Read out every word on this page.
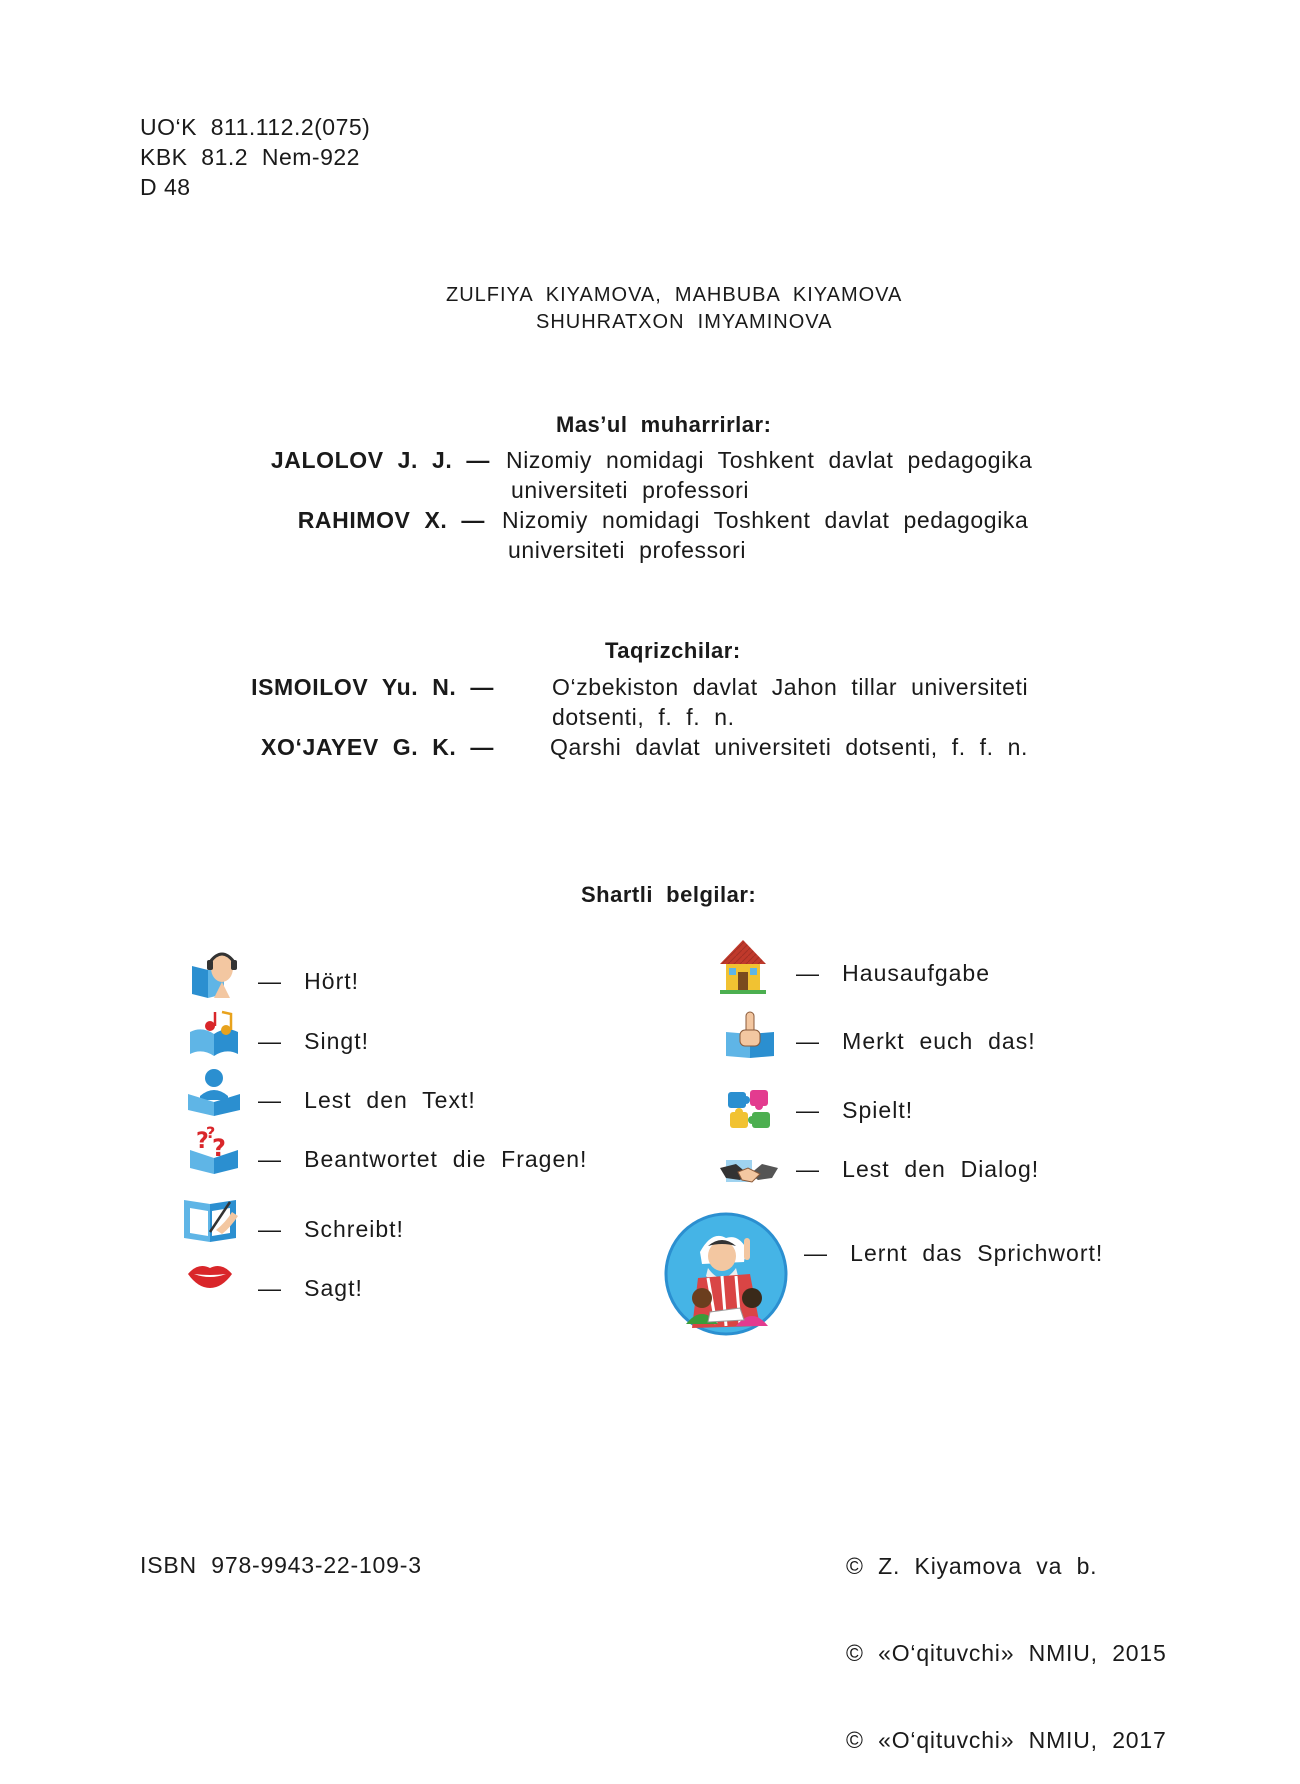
UO‘K  811.112.2(075)
KBK  81.2  Nem-922
D 48
ZULFIYA  KIYAMOVA,  MAHBUBA  KIYAMOVA
SHUHRATXON  IMYAMINOVA
Mas’ul  muharrirlar:
JALOLOV  J.  J.  — Nizomiy  nomidagi  Toshkent  davlat  pedagogika
universiteti  professori
RAHIMOV  X.  — Nizomiy  nomidagi  Toshkent  davlat  pedagogika
universiteti  professori
Taqrizchilar:
ISMOILOV  Yu.  N.  —	O‘zbekiston  davlat  Jahon  tillar  universiteti
dotsenti,  f.  f.  n.
XO‘JAYEV  G.  K.  — Qarshi  davlat  universiteti  dotsenti,  f.  f.  n.
Shartli  belgilar:
—   Hört!
—   Singt!
—   Lest  den  Text!
? ?
?
—   Beantwortet  die  Fragen!
—   Schreibt!
—   Sagt!
—   Hausaufgabe
—   Merkt  euch  das!
—   Spielt!
—   Lest  den  Dialog!
—   Lernt  das  Sprichwort!
ISBN  978-9943-22-109-3

	©  Z.  Kiyamova  va  b.

©  «O‘qituvchi»  NMIU,  2015

©  «O‘qituvchi»  NMIU,  2017
